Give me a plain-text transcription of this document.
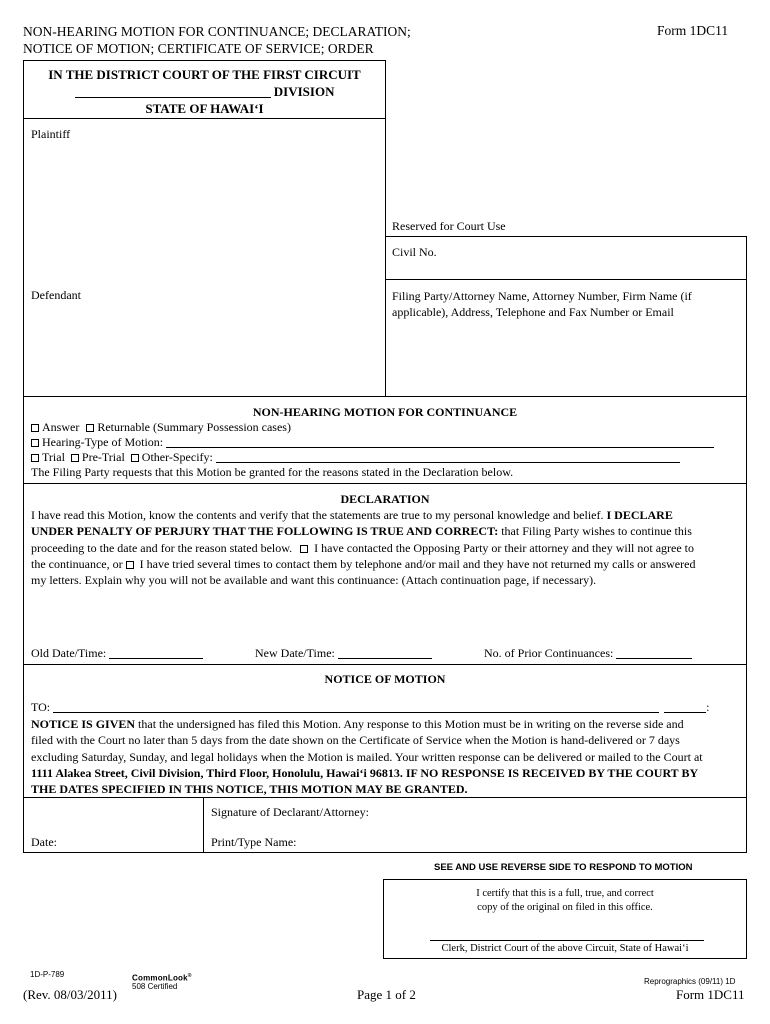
NON-HEARING MOTION FOR CONTINUANCE; DECLARATION;
NOTICE OF MOTION; CERTIFICATE OF SERVICE; ORDER
Form 1DC11
IN THE DISTRICT COURT OF THE FIRST CIRCUIT
DIVISION
STATE OF HAWAI‘I
Plaintiff
Defendant
Reserved for Court Use
Civil No.
Filing Party/Attorney Name, Attorney Number, Firm Name (if
applicable), Address, Telephone and Fax Number or Email
NON-HEARING MOTION FOR CONTINUANCE
Answer Returnable (Summary Possession cases)
Hearing-Type of Motion:
Trial Pre-Trial Other-Specify:
The Filing Party requests that this Motion be granted for the reasons stated in the Declaration below.
DECLARATION
I have read this Motion, know the contents and verify that the statements are true to my personal knowledge and belief. I DECLARE
UNDER PENALTY OF PERJURY THAT THE FOLLOWING IS TRUE AND CORRECT: that Filing Party wishes to continue this
proceeding to the date and for the reason stated below. I have contacted the Opposing Party or their attorney and they will not agree to
the continuance, or I have tried several times to contact them by telephone and/or mail and they have not returned my calls or answered
my letters. Explain why you will not be available and want this continuance: (Attach continuation page, if necessary).
Old Date/Time:	New Date/Time:	No. of Prior Continuances:
NOTICE OF MOTION
TO:	:
NOTICE IS GIVEN that the undersigned has filed this Motion. Any response to this Motion must be in writing on the reverse side and
filed with the Court no later than 5 days from the date shown on the Certificate of Service when the Motion is hand-delivered or 7 days
excluding Saturday, Sunday, and legal holidays when the Motion is mailed. Your written response can be delivered or mailed to the Court at
1111 Alakea Street, Civil Division, Third Floor, Honolulu, Hawai‘i 96813. IF NO RESPONSE IS RECEIVED BY THE COURT BY
THE DATES SPECIFIED IN THIS NOTICE, THIS MOTION MAY BE GRANTED.
Signature of Declarant/Attorney:
Date:	Print/Type Name:
SEE AND USE REVERSE SIDE TO RESPOND TO MOTION
I certify that this is a full, true, and correct
copy of the original on filed in this office.
Clerk, District Court of the above Circuit, State of Hawai‘i
1D-P-789
(Rev. 08/03/2011)
CommonLook®
508 Certified
Page 1 of 2
Reprographics (09/11) 1D
Form 1DC11
